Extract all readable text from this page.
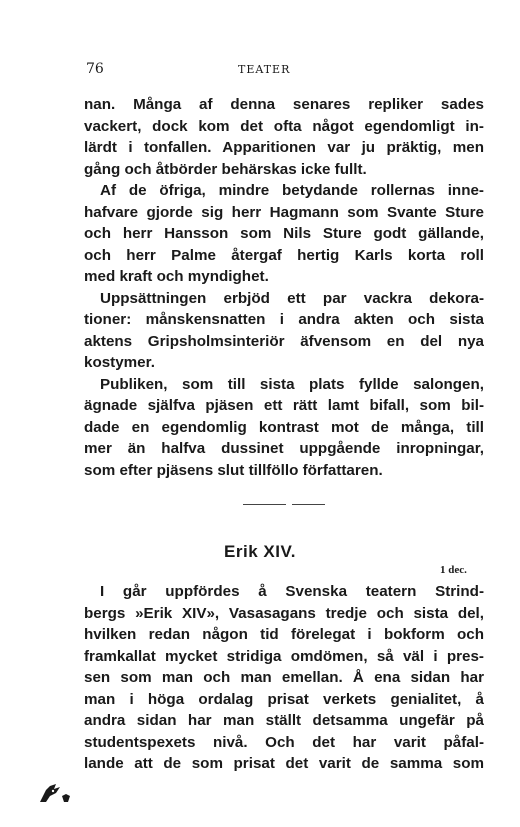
76	TEATER
nan. Många af denna senares repliker sades
vackert, dock kom det ofta något egendomligt in-
lärdt i tonfallen. Apparitionen var ju präktig, men
gång och åtbörder behärskas icke fullt.
Af de öfriga, mindre betydande rollernas inne-
hafvare gjorde sig herr Hagmann som Svante Sture
och herr Hansson som Nils Sture godt gällande,
och herr Palme återgaf hertig Karls korta roll
med kraft och myndighet.
Uppsättningen erbjöd ett par vackra dekora-
tioner: månskensnatten i andra akten och sista
aktens Gripsholmsinteriör äfvensom en del nya
kostymer.
Publiken, som till sista plats fyllde salongen,
ägnade själfva pjäsen ett rätt lamt bifall, som bil-
dade en egendomlig kontrast mot de många, till
mer än halfva dussinet uppgående inropningar,
som efter pjäsens slut tillföllo författaren.
Erik XIV.
1 dec.
I går uppfördes å Svenska teatern Strind-
bergs »Erik XIV», Vasasagans tredje och sista del,
hvilken redan någon tid förelegat i bokform och
framkallat mycket stridiga omdömen, så väl i pres-
sen som man och man emellan. Å ena sidan har
man i höga ordalag prisat verkets genialitet, å
andra sidan har man ställt detsamma ungefär på
studentspexets nivå. Och det har varit påfal-
lande att de som prisat det varit de samma som
